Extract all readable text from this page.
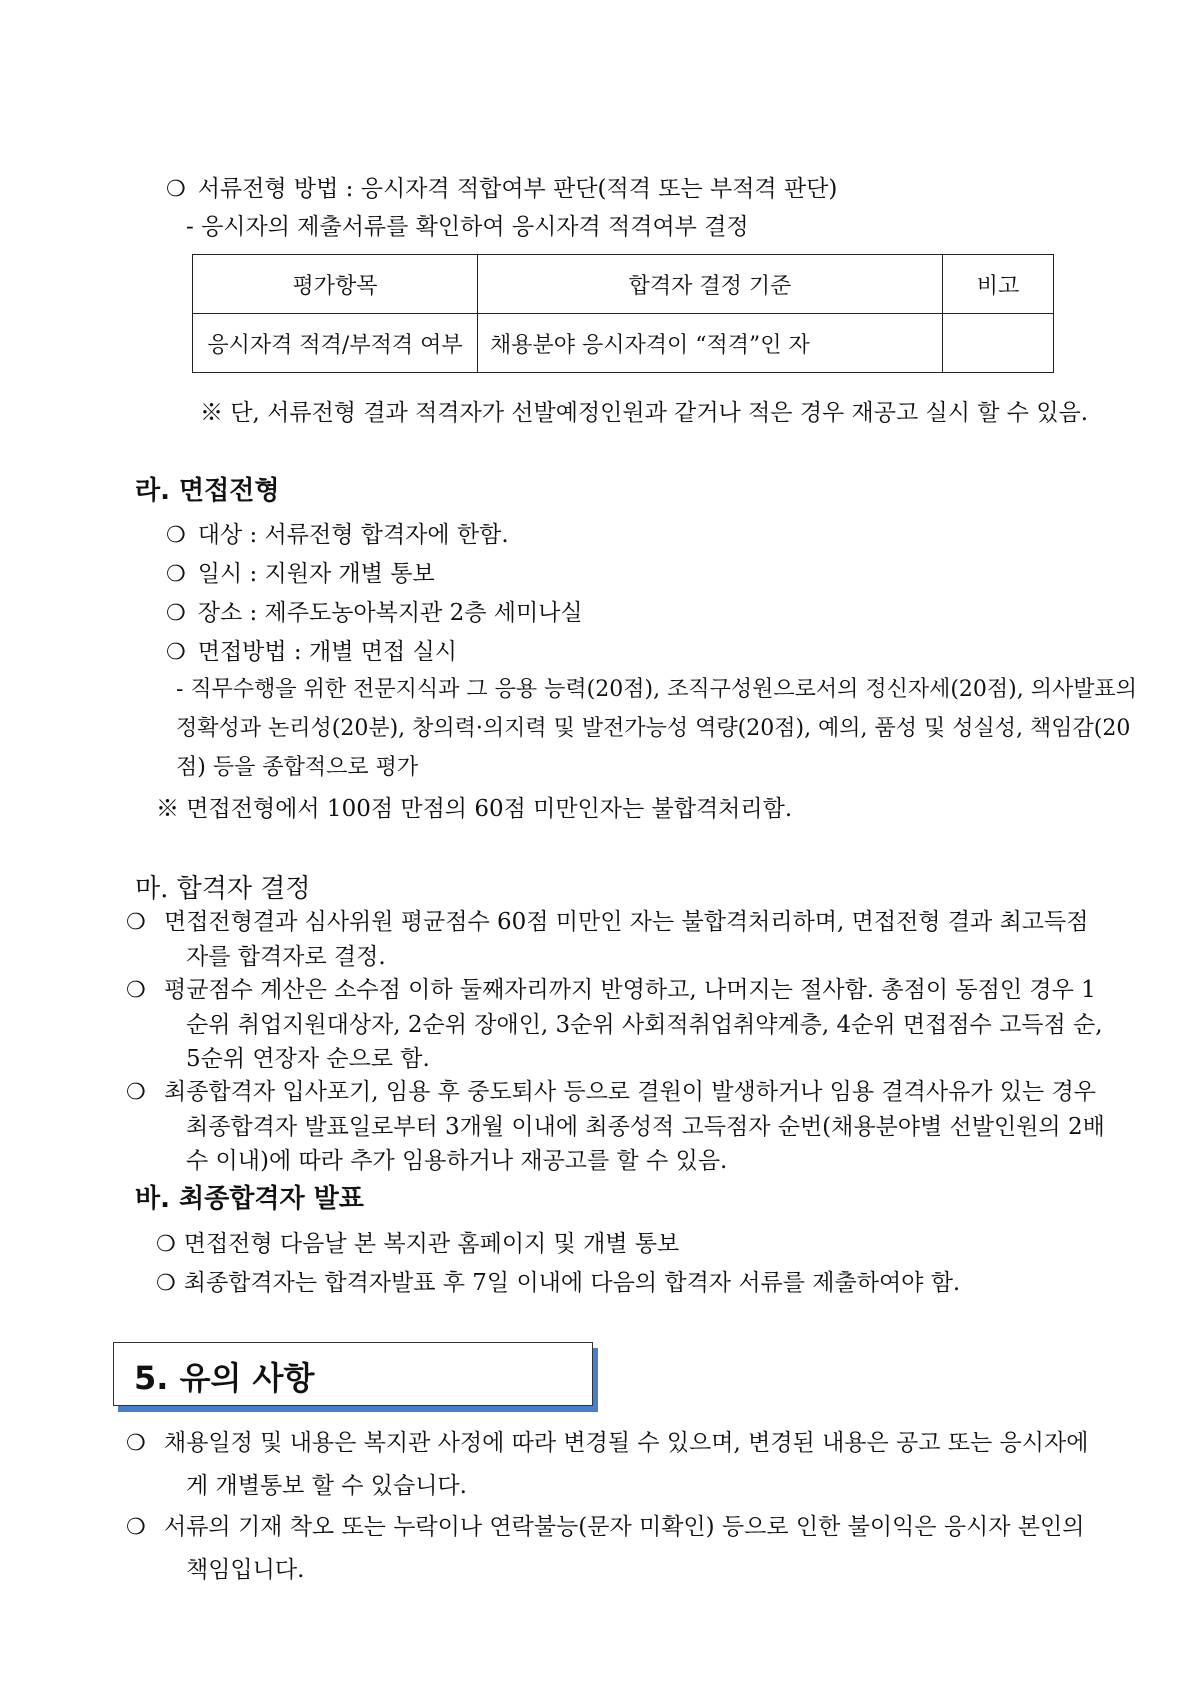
❍ 서류전형 방법 : 응시자격 적합여부 판단(적격 또는 부적격 판단)
- 응시자의 제출서류를 확인하여 응시자격 적격여부 결정
평가항목	합격자 결정 기준	비고
응시자격 적격/부적격 여부	채용분야 응시자격이 “적격”인 자	
※ 단, 서류전형 결과 적격자가 선발예정인원과 같거나 적은 경우 재공고 실시 할 수 있음.
라. 면접전형
❍ 대상 : 서류전형 합격자에 한함.
❍ 일시 : 지원자 개별 통보
❍ 장소 : 제주도농아복지관 2층 세미나실
❍ 면접방법 : 개별 면접 실시
- 직무수행을 위한 전문지식과 그 응용 능력(20점), 조직구성원으로서의 정신자세(20점), 의사발표의
정확성과 논리성(20분), 창의력·의지력 및 발전가능성 역량(20점), 예의, 품성 및 성실성, 책임감(20
점) 등을 종합적으로 평가
※ 면접전형에서 100점 만점의 60점 미만인자는 불합격처리함.
마. 합격자 결정
❍ 면접전형결과 심사위원 평균점수 60점 미만인 자는 불합격처리하며, 면접전형 결과 최고득점자를 합격자로 결정.
❍ 평균점수 계산은 소수점 이하 둘째자리까지 반영하고, 나머지는 절사함. 총점이 동점인 경우 1순위 취업지원대상자, 2순위 장애인, 3순위 사회적취업취약계층, 4순위 면접점수 고득점 순, 5순위 연장자 순으로 함.
❍ 최종합격자 입사포기, 임용 후 중도퇴사 등으로 결원이 발생하거나 임용 결격사유가 있는 경우 최종합격자 발표일로부터 3개월 이내에 최종성적 고득점자 순번(채용분야별 선발인원의 2배수 이내)에 따라 추가 임용하거나 재공고를 할 수 있음.
바. 최종합격자 발표
❍ 면접전형 다음날 본 복지관 홈페이지 및 개별 통보
❍ 최종합격자는 합격자발표 후 7일 이내에 다음의 합격자 서류를 제출하여야 함.
5. 유의 사항
❍ 채용일정 및 내용은 복지관 사정에 따라 변경될 수 있으며, 변경된 내용은 공고 또는 응시자에게 개별통보 할 수 있습니다.
❍ 서류의 기재 착오 또는 누락이나 연락불능(문자 미확인) 등으로 인한 불이익은 응시자 본인의 책임입니다.
